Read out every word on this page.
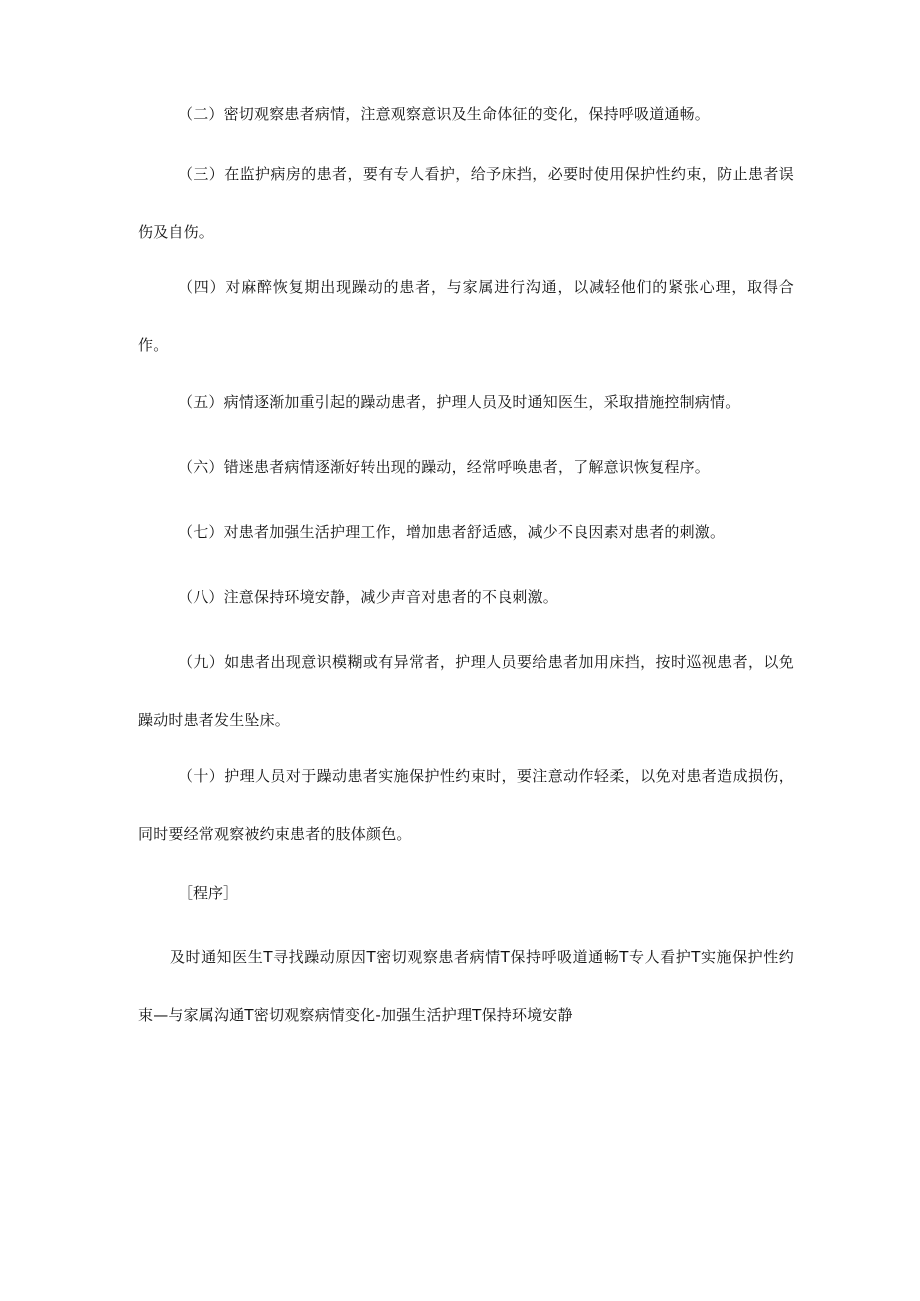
（二）密切观察患者病情，注意观察意识及生命体征的变化，保持呼吸道通畅。

（三）在监护病房的患者，要有专人看护，给予床挡，必要时使用保护性约束，防止患者误伤及自伤。

（四）对麻醉恢复期出现躁动的患者，与家属进行沟通，以减轻他们的紧张心理，取得合作。

（五）病情逐渐加重引起的躁动患者，护理人员及时通知医生，采取措施控制病情。

（六）错迷患者病情逐渐好转出现的躁动，经常呼唤患者，了解意识恢复程序。

（七）对患者加强生活护理工作，增加患者舒适感，减少不良因素对患者的刺激。

（八）注意保持环境安静，减少声音对患者的不良刺激。

（九）如患者出现意识模糊或有异常者，护理人员要给患者加用床挡，按时巡视患者，以免躁动时患者发生坠床。

（十）护理人员对于躁动患者实施保护性约束时，要注意动作轻柔，以免对患者造成损伤，同时要经常观察被约束患者的肢体颜色。

［程序］

及时通知医生T寻找躁动原因T密切观察患者病情T保持呼吸道通畅T专人看护T实施保护性约束—与家属沟通T密切观察病情变化-加强生活护理T保持环境安静
